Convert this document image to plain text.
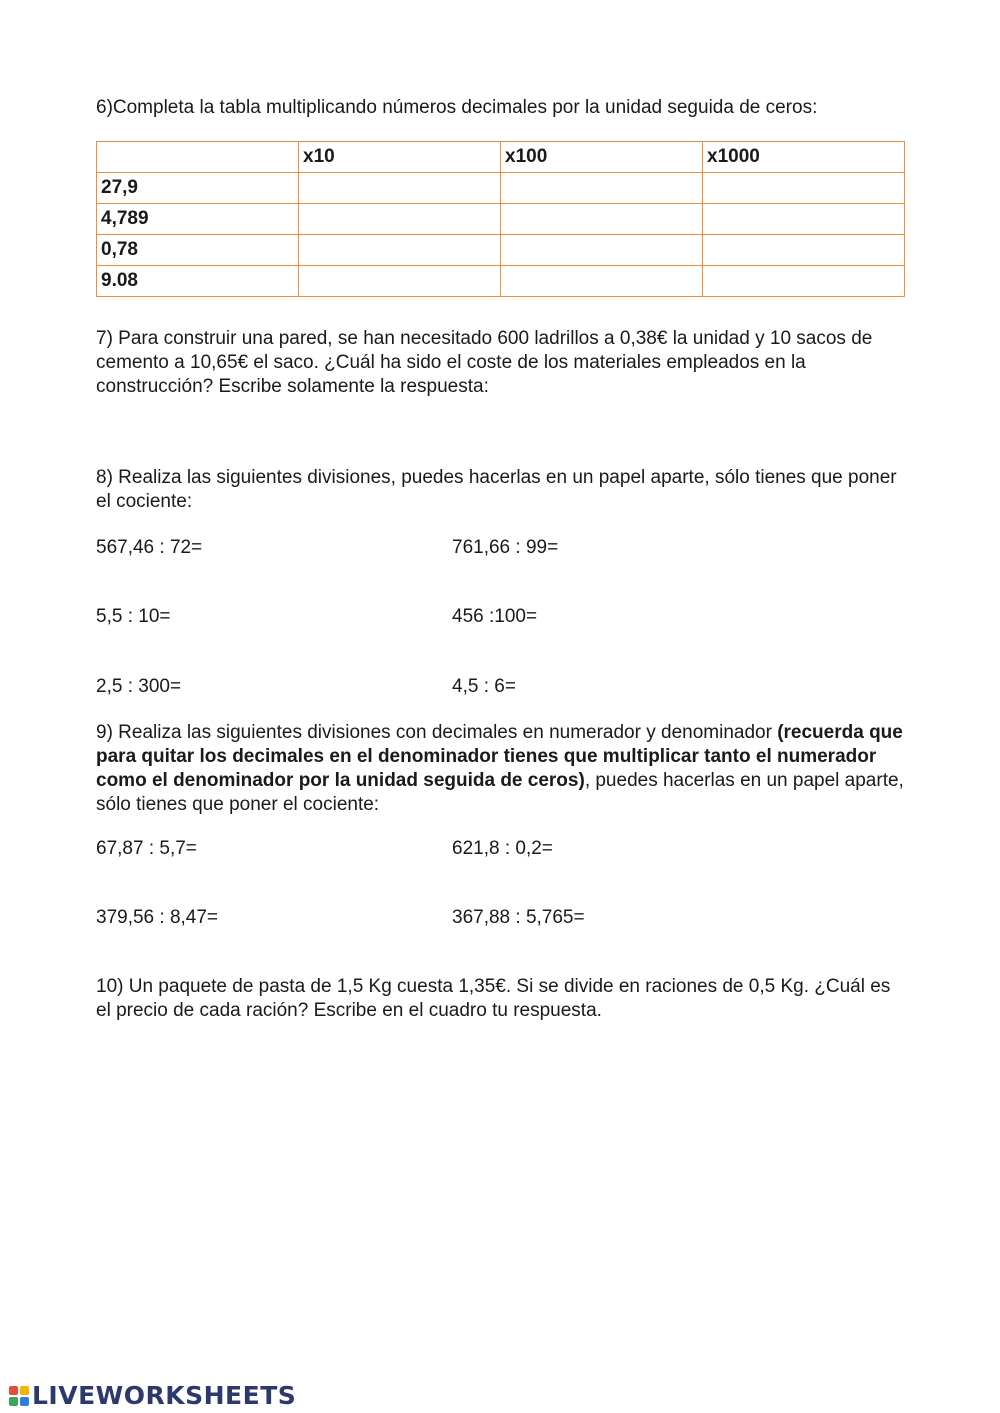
6)Completa la tabla multiplicando números decimales por la unidad seguida de ceros:

	x10	x100	x1000
27,9			
4,789			
0,78			
9.08			

7) Para construir una pared, se han necesitado 600 ladrillos a 0,38€ la unidad y 10 sacos de cemento a 10,65€ el saco. ¿Cuál ha sido el coste de los materiales empleados en la construcción? Escribe solamente la respuesta:

8) Realiza las siguientes divisiones, puedes hacerlas en un papel aparte, sólo tienes que poner el cociente:

567,46 : 72=	761,66 : 99=
5,5 : 10=	456 :100=
2,5 : 300=	4,5 : 6=

9) Realiza las siguientes divisiones con decimales en numerador y denominador (recuerda que para quitar los decimales en el denominador tienes que multiplicar tanto el numerador como el denominador por la unidad seguida de ceros), puedes hacerlas en un papel aparte, sólo tienes que poner el cociente:

67,87 : 5,7=	621,8 : 0,2=
379,56 : 8,47=	367,88 : 5,765=

10) Un paquete de pasta de 1,5 Kg cuesta 1,35€. Si se divide en raciones de 0,5 Kg. ¿Cuál es el precio de cada ración? Escribe en el cuadro tu respuesta.

LIVEWORKSHEETS
